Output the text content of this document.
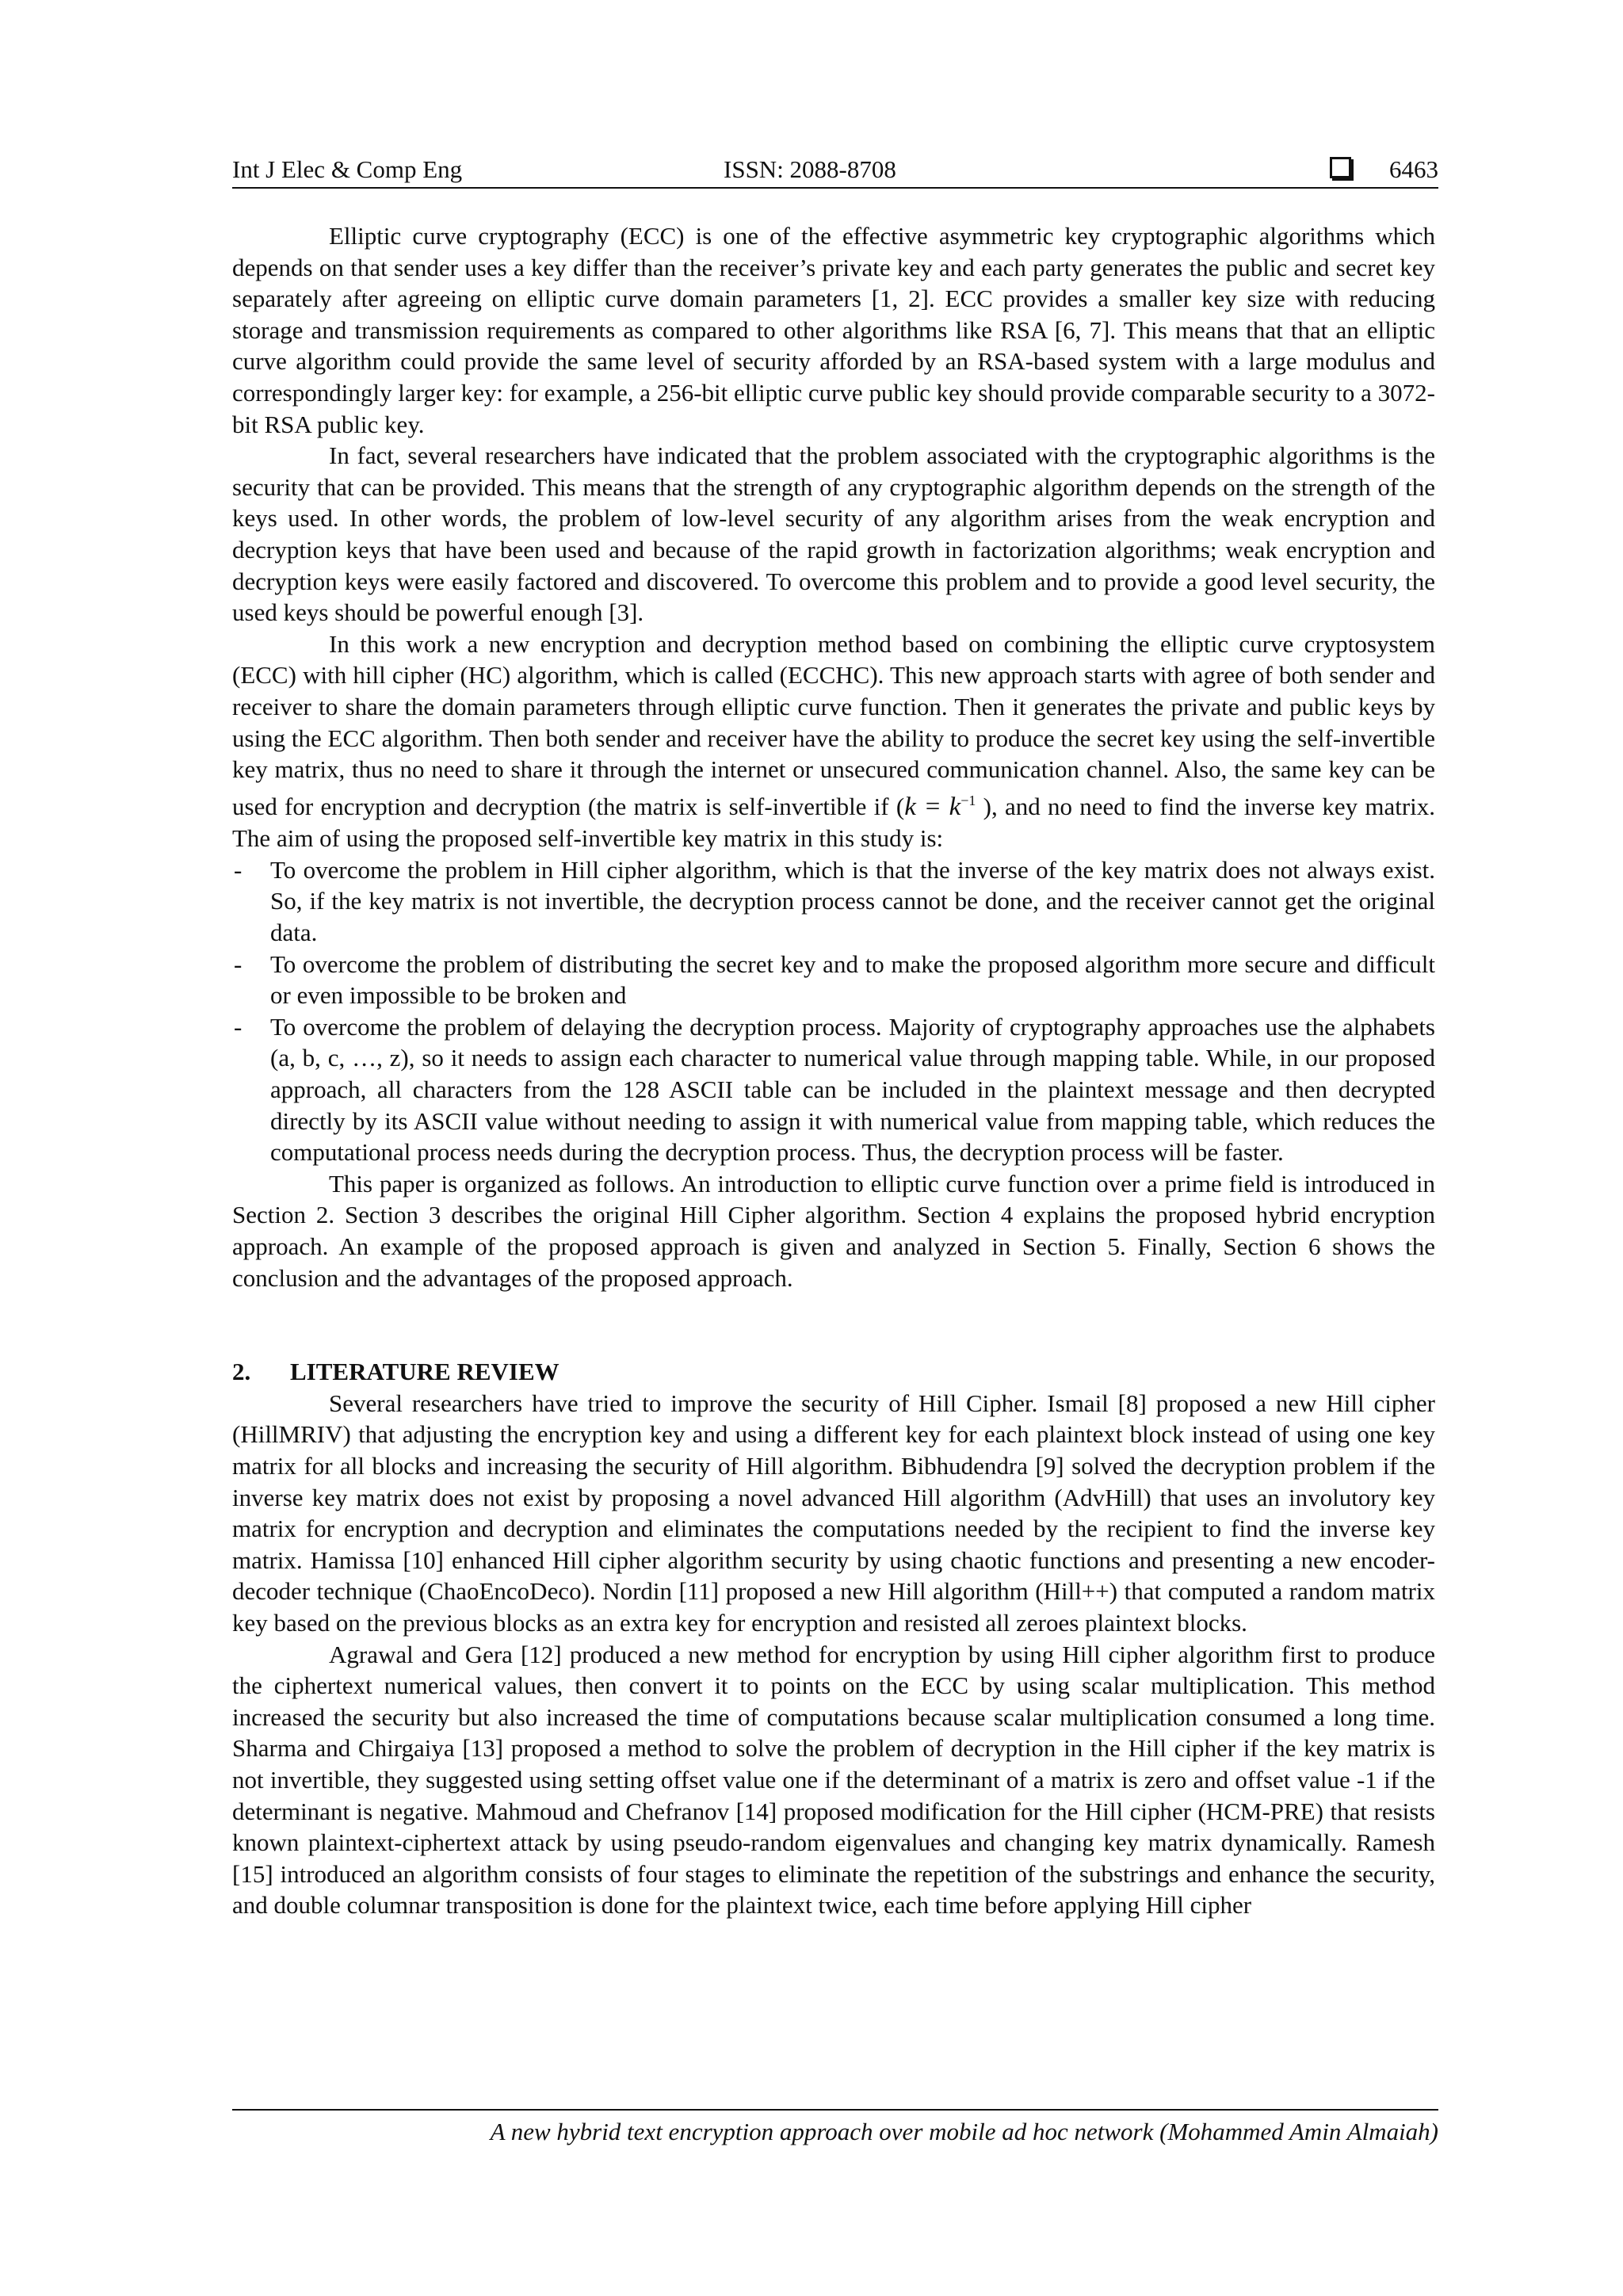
Int J Elec & Comp Eng	ISSN: 2088-8708	6463

Elliptic curve cryptography (ECC) is one of the effective asymmetric key cryptographic algorithms which depends on that sender uses a key differ than the receiver’s private key and each party generates the public and secret key separately after agreeing on elliptic curve domain parameters [1, 2]. ECC provides a smaller key size with reducing storage and transmission requirements as compared to other algorithms like RSA [6, 7]. This means that that an elliptic curve algorithm could provide the same level of security afforded by an RSA-based system with a large modulus and correspondingly larger key: for example, a 256-bit elliptic curve public key should provide comparable security to a 3072-bit RSA public key.

In fact, several researchers have indicated that the problem associated with the cryptographic algorithms is the security that can be provided. This means that the strength of any cryptographic algorithm depends on the strength of the keys used. In other words, the problem of low-level security of any algorithm arises from the weak encryption and decryption keys that have been used and because of the rapid growth in factorization algorithms; weak encryption and decryption keys were easily factored and discovered. To overcome this problem and to provide a good level security, the used keys should be powerful enough [3].

In this work a new encryption and decryption method based on combining the elliptic curve cryptosystem (ECC) with hill cipher (HC) algorithm, which is called (ECCHC). This new approach starts with agree of both sender and receiver to share the domain parameters through elliptic curve function. Then it generates the private and public keys by using the ECC algorithm. Then both sender and receiver have the ability to produce the secret key using the self-invertible key matrix, thus no need to share it through the internet or unsecured communication channel. Also, the same key can be used for encryption and decryption (the matrix is self-invertible if ($k = k^{-1}$ ), and no need to find the inverse key matrix. The aim of using the proposed self-invertible key matrix in this study is:

- To overcome the problem in Hill cipher algorithm, which is that the inverse of the key matrix does not always exist. So, if the key matrix is not invertible, the decryption process cannot be done, and the receiver cannot get the original data.
- To overcome the problem of distributing the secret key and to make the proposed algorithm more secure and difficult or even impossible to be broken and
- To overcome the problem of delaying the decryption process. Majority of cryptography approaches use the alphabets (a, b, c, …, z), so it needs to assign each character to numerical value through mapping table. While, in our proposed approach, all characters from the 128 ASCII table can be included in the plaintext message and then decrypted directly by its ASCII value without needing to assign it with numerical value from mapping table, which reduces the computational process needs during the decryption process. Thus, the decryption process will be faster.

This paper is organized as follows. An introduction to elliptic curve function over a prime field is introduced in Section 2. Section 3 describes the original Hill Cipher algorithm. Section 4 explains the proposed hybrid encryption approach. An example of the proposed approach is given and analyzed in Section 5. Finally, Section 6 shows the conclusion and the advantages of the proposed approach.

2. LITERATURE REVIEW

Several researchers have tried to improve the security of Hill Cipher. Ismail [8] proposed a new Hill cipher (HillMRIV) that adjusting the encryption key and using a different key for each plaintext block instead of using one key matrix for all blocks and increasing the security of Hill algorithm. Bibhudendra [9] solved the decryption problem if the inverse key matrix does not exist by proposing a novel advanced Hill algorithm (AdvHill) that uses an involutory key matrix for encryption and decryption and eliminates the computations needed by the recipient to find the inverse key matrix. Hamissa [10] enhanced Hill cipher algorithm security by using chaotic functions and presenting a new encoder-decoder technique (ChaoEncoDeco). Nordin [11] proposed a new Hill algorithm (Hill++) that computed a random matrix key based on the previous blocks as an extra key for encryption and resisted all zeroes plaintext blocks.

Agrawal and Gera [12] produced a new method for encryption by using Hill cipher algorithm first to produce the ciphertext numerical values, then convert it to points on the ECC by using scalar multiplication. This method increased the security but also increased the time of computations because scalar multiplication consumed a long time. Sharma and Chirgaiya [13] proposed a method to solve the problem of decryption in the Hill cipher if the key matrix is not invertible, they suggested using setting offset value one if the determinant of a matrix is zero and offset value -1 if the determinant is negative. Mahmoud and Chefranov [14] proposed modification for the Hill cipher (HCM-PRE) that resists known plaintext-ciphertext attack by using pseudo-random eigenvalues and changing key matrix dynamically. Ramesh [15] introduced an algorithm consists of four stages to eliminate the repetition of the substrings and enhance the security, and double columnar transposition is done for the plaintext twice, each time before applying Hill cipher

A new hybrid text encryption approach over mobile ad hoc network (Mohammed Amin Almaiah)
